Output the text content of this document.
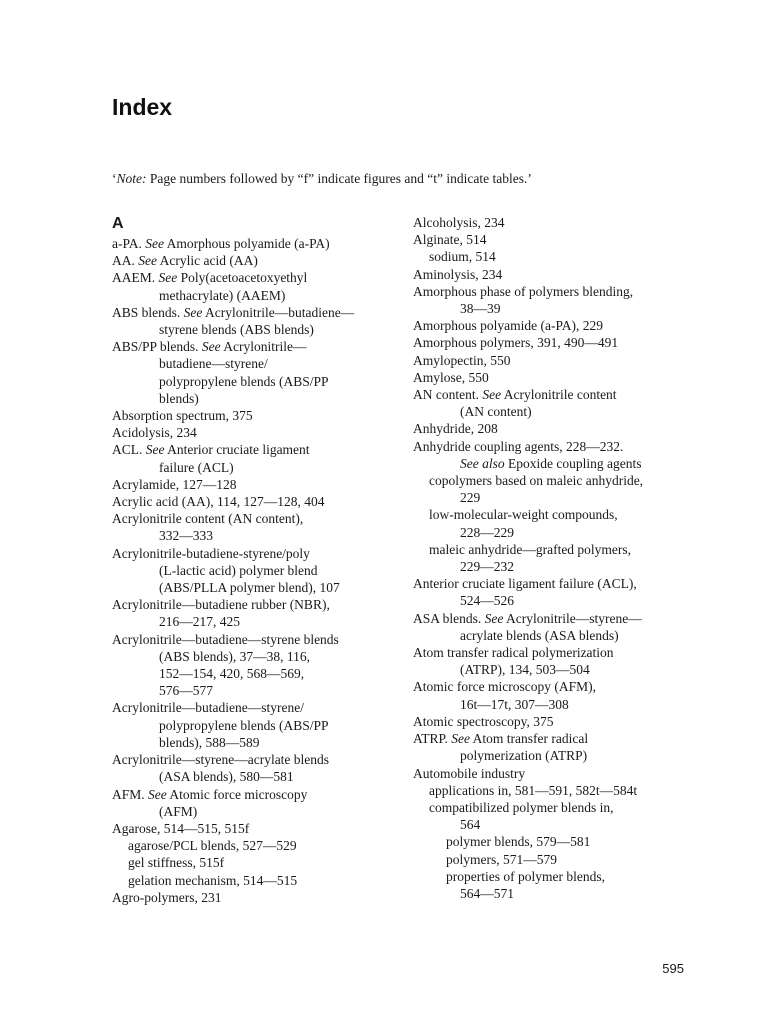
Index
‘Note: Page numbers followed by “f” indicate figures and “t” indicate tables.’
A
a-PA. See Amorphous polyamide (a-PA)
AA. See Acrylic acid (AA)
AAEM. See Poly(acetoacetoxyethyl
methacrylate) (AAEM)
ABS blends. See Acrylonitrile—butadiene—
styrene blends (ABS blends)
ABS/PP blends. See Acrylonitrile—
butadiene—styrene/
polypropylene blends (ABS/PP
blends)
Absorption spectrum, 375
Acidolysis, 234
ACL. See Anterior cruciate ligament
failure (ACL)
Acrylamide, 127—128
Acrylic acid (AA), 114, 127—128, 404
Acrylonitrile content (AN content),
332—333
Acrylonitrile-butadiene-styrene/poly
(L-lactic acid) polymer blend
(ABS/PLLA polymer blend), 107
Acrylonitrile—butadiene rubber (NBR),
216—217, 425
Acrylonitrile—butadiene—styrene blends
(ABS blends), 37—38, 116,
152—154, 420, 568—569,
576—577
Acrylonitrile—butadiene—styrene/
polypropylene blends (ABS/PP
blends), 588—589
Acrylonitrile—styrene—acrylate blends
(ASA blends), 580—581
AFM. See Atomic force microscopy
(AFM)
Agarose, 514—515, 515f
agarose/PCL blends, 527—529
gel stiffness, 515f
gelation mechanism, 514—515
Agro-polymers, 231
Alcoholysis, 234
Alginate, 514
sodium, 514
Aminolysis, 234
Amorphous phase of polymers blending,
38—39
Amorphous polyamide (a-PA), 229
Amorphous polymers, 391, 490—491
Amylopectin, 550
Amylose, 550
AN content. See Acrylonitrile content
(AN content)
Anhydride, 208
Anhydride coupling agents, 228—232.
See also Epoxide coupling agents
copolymers based on maleic anhydride,
229
low-molecular-weight compounds,
228—229
maleic anhydride—grafted polymers,
229—232
Anterior cruciate ligament failure (ACL),
524—526
ASA blends. See Acrylonitrile—styrene—
acrylate blends (ASA blends)
Atom transfer radical polymerization
(ATRP), 134, 503—504
Atomic force microscopy (AFM),
16t—17t, 307—308
Atomic spectroscopy, 375
ATRP. See Atom transfer radical
polymerization (ATRP)
Automobile industry
applications in, 581—591, 582t—584t
compatibilized polymer blends in,
564
polymer blends, 579—581
polymers, 571—579
properties of polymer blends,
564—571
595
